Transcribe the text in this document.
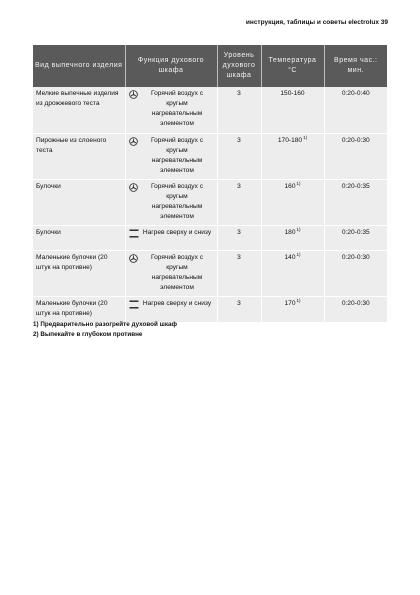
инструкция, таблицы и советы electrolux 39
Вид выпечного изделия	Функция духового шкафа	Уровень духового шкафа	Температура °С	Время час.: мин.
Мелкие выпечные изделия из дрожжевого теста	Горячий воздух с кругым нагревательным элементом	3	150-160	0:20-0:40
Пирожные из слоеного теста	Горячий воздух с кругым нагревательным элементом	3	170-180$^{1)}$	0:20-0:30
Булочки	Горячий воздух с кругым нагревательным элементом	3	160$^{1)}$	0:20-0:35
Булочки	Нагрев сверху и снизу	3	180$^{1)}$	0:20-0:35
Маленькие булочки (20 штук на противне)	Горячий воздух с кругым нагревательным элементом	3	140$^{1)}$	0:20-0:30
Маленькие булочки (20 штук на противне)	Нагрев сверху и снизу	3	170$^{1)}$	0:20-0:30
1) Предварительно разогрейте духовой шкаф
2) Выпекайте в глубоком противне
